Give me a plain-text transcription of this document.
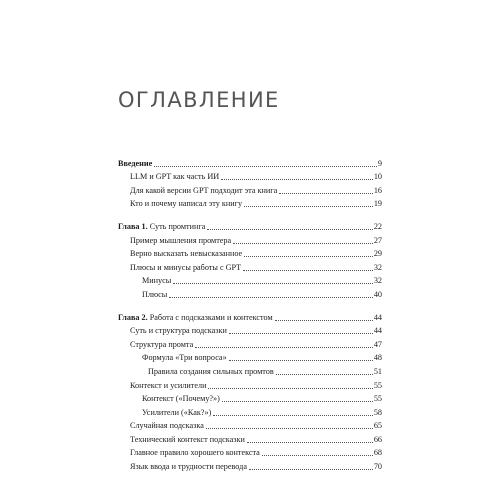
ОГЛАВЛЕНИЕ
Введение	9
LLM и GPT как часть ИИ	10
Для какой версии GPT подходит эта книга	16
Кто и почему написал эту книгу	19
Глава 1. Суть промтинга	22
Пример мышления промтера	27
Верно высказать невысказанное	29
Плюсы и минусы работы с GPT	32
Минусы	32
Плюсы	40
Глава 2. Работа с подсказками и контекстом	44
Суть и структура подсказки	44
Структура промта	47
Формула «Три вопроса»	48
Правила создания сильных промтов	51
Контекст и усилители	55
Контекст («Почему?»)	55
Усилители («Как?»)	58
Случайная подсказка	65
Технический контекст подсказки	66
Главное правило хорошего контекста	68
Язык ввода и трудности перевода	70
